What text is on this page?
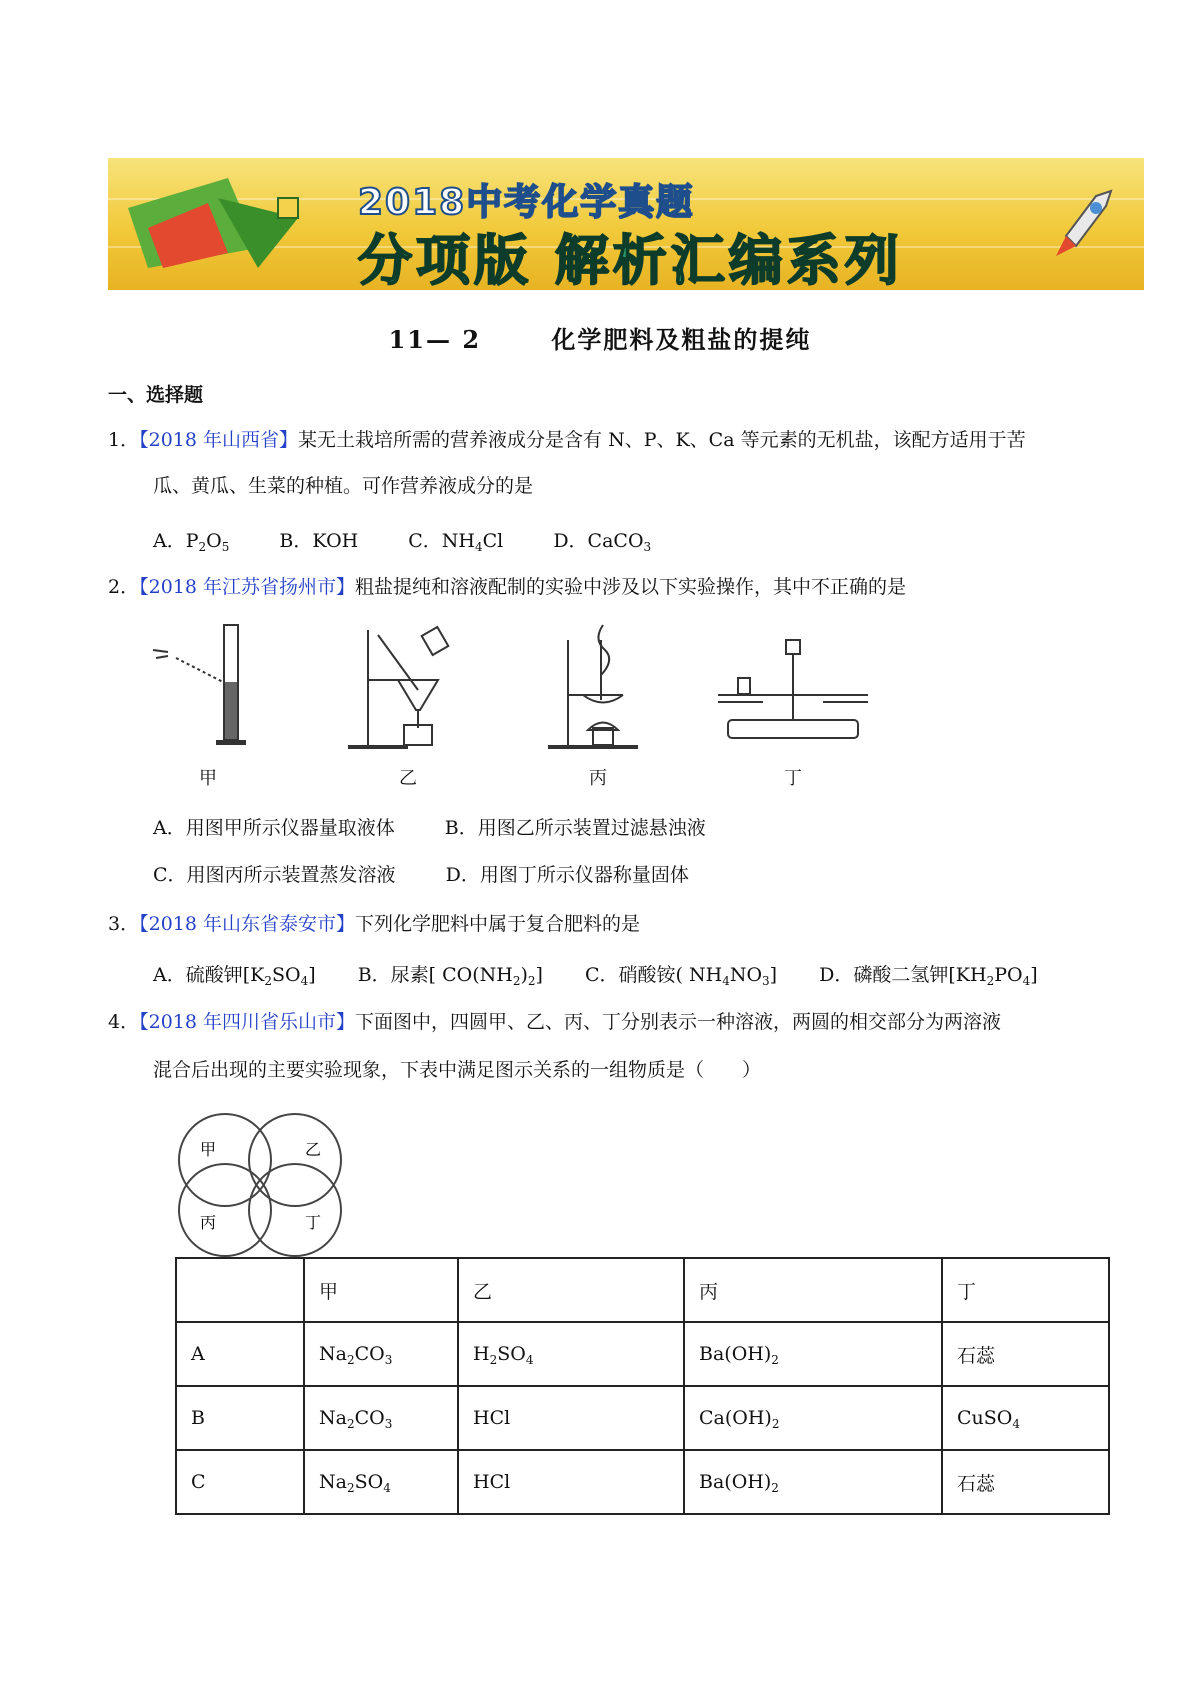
2018中考化学真题
分项版 解析汇编系列
11— 2	化学肥料及粗盐的提纯
一、选择题
1．【2018 年山西省】某无土栽培所需的营养液成分是含有 N、P、K、Ca 等元素的无机盐，该配方适用于苦
瓜、黄瓜、生菜的种植。可作营养液成分的是
A．$P_2O_5$	B．KOH	C．$NH_4Cl$	D．CaCO$_3$
2．【2018 年江苏省扬州市】粗盐提纯和溶液配制的实验中涉及以下实验操作，其中不正确的是
甲	乙	丙	丁
A．用图甲所示仪器量取液体	B．用图乙所示装置过滤悬浊液
C．用图丙所示装置蒸发溶液	D．用图丁所示仪器称量固体
3．【2018 年山东省泰安市】下列化学肥料中属于复合肥料的是
A．硫酸钾$[K_2SO_4]$ B．尿素[ $CO(NH_2)_2$] C．硝酸铵( $NH_4NO_3$] D．磷酸二氢钾$[KH_2PO_4]$
4．【2018 年四川省乐山市】下面图中，四圆甲、乙、丙、丁分别表示一种溶液，两圆的相交部分为两溶液
混合后出现的主要实验现象，下表中满足图示关系的一组物质是（　　）
甲	乙
丙	丁
	甲	乙	丙	丁
A	$Na_2CO_3$	$H_2SO_4$	$Ba(OH)_2$	石蕊
B	$Na_2CO_3$	HCl	$Ca(OH)_2$	CuSO$_4$
C	$Na_2SO_4$	HCl	$Ba(OH)_2$	石蕊
